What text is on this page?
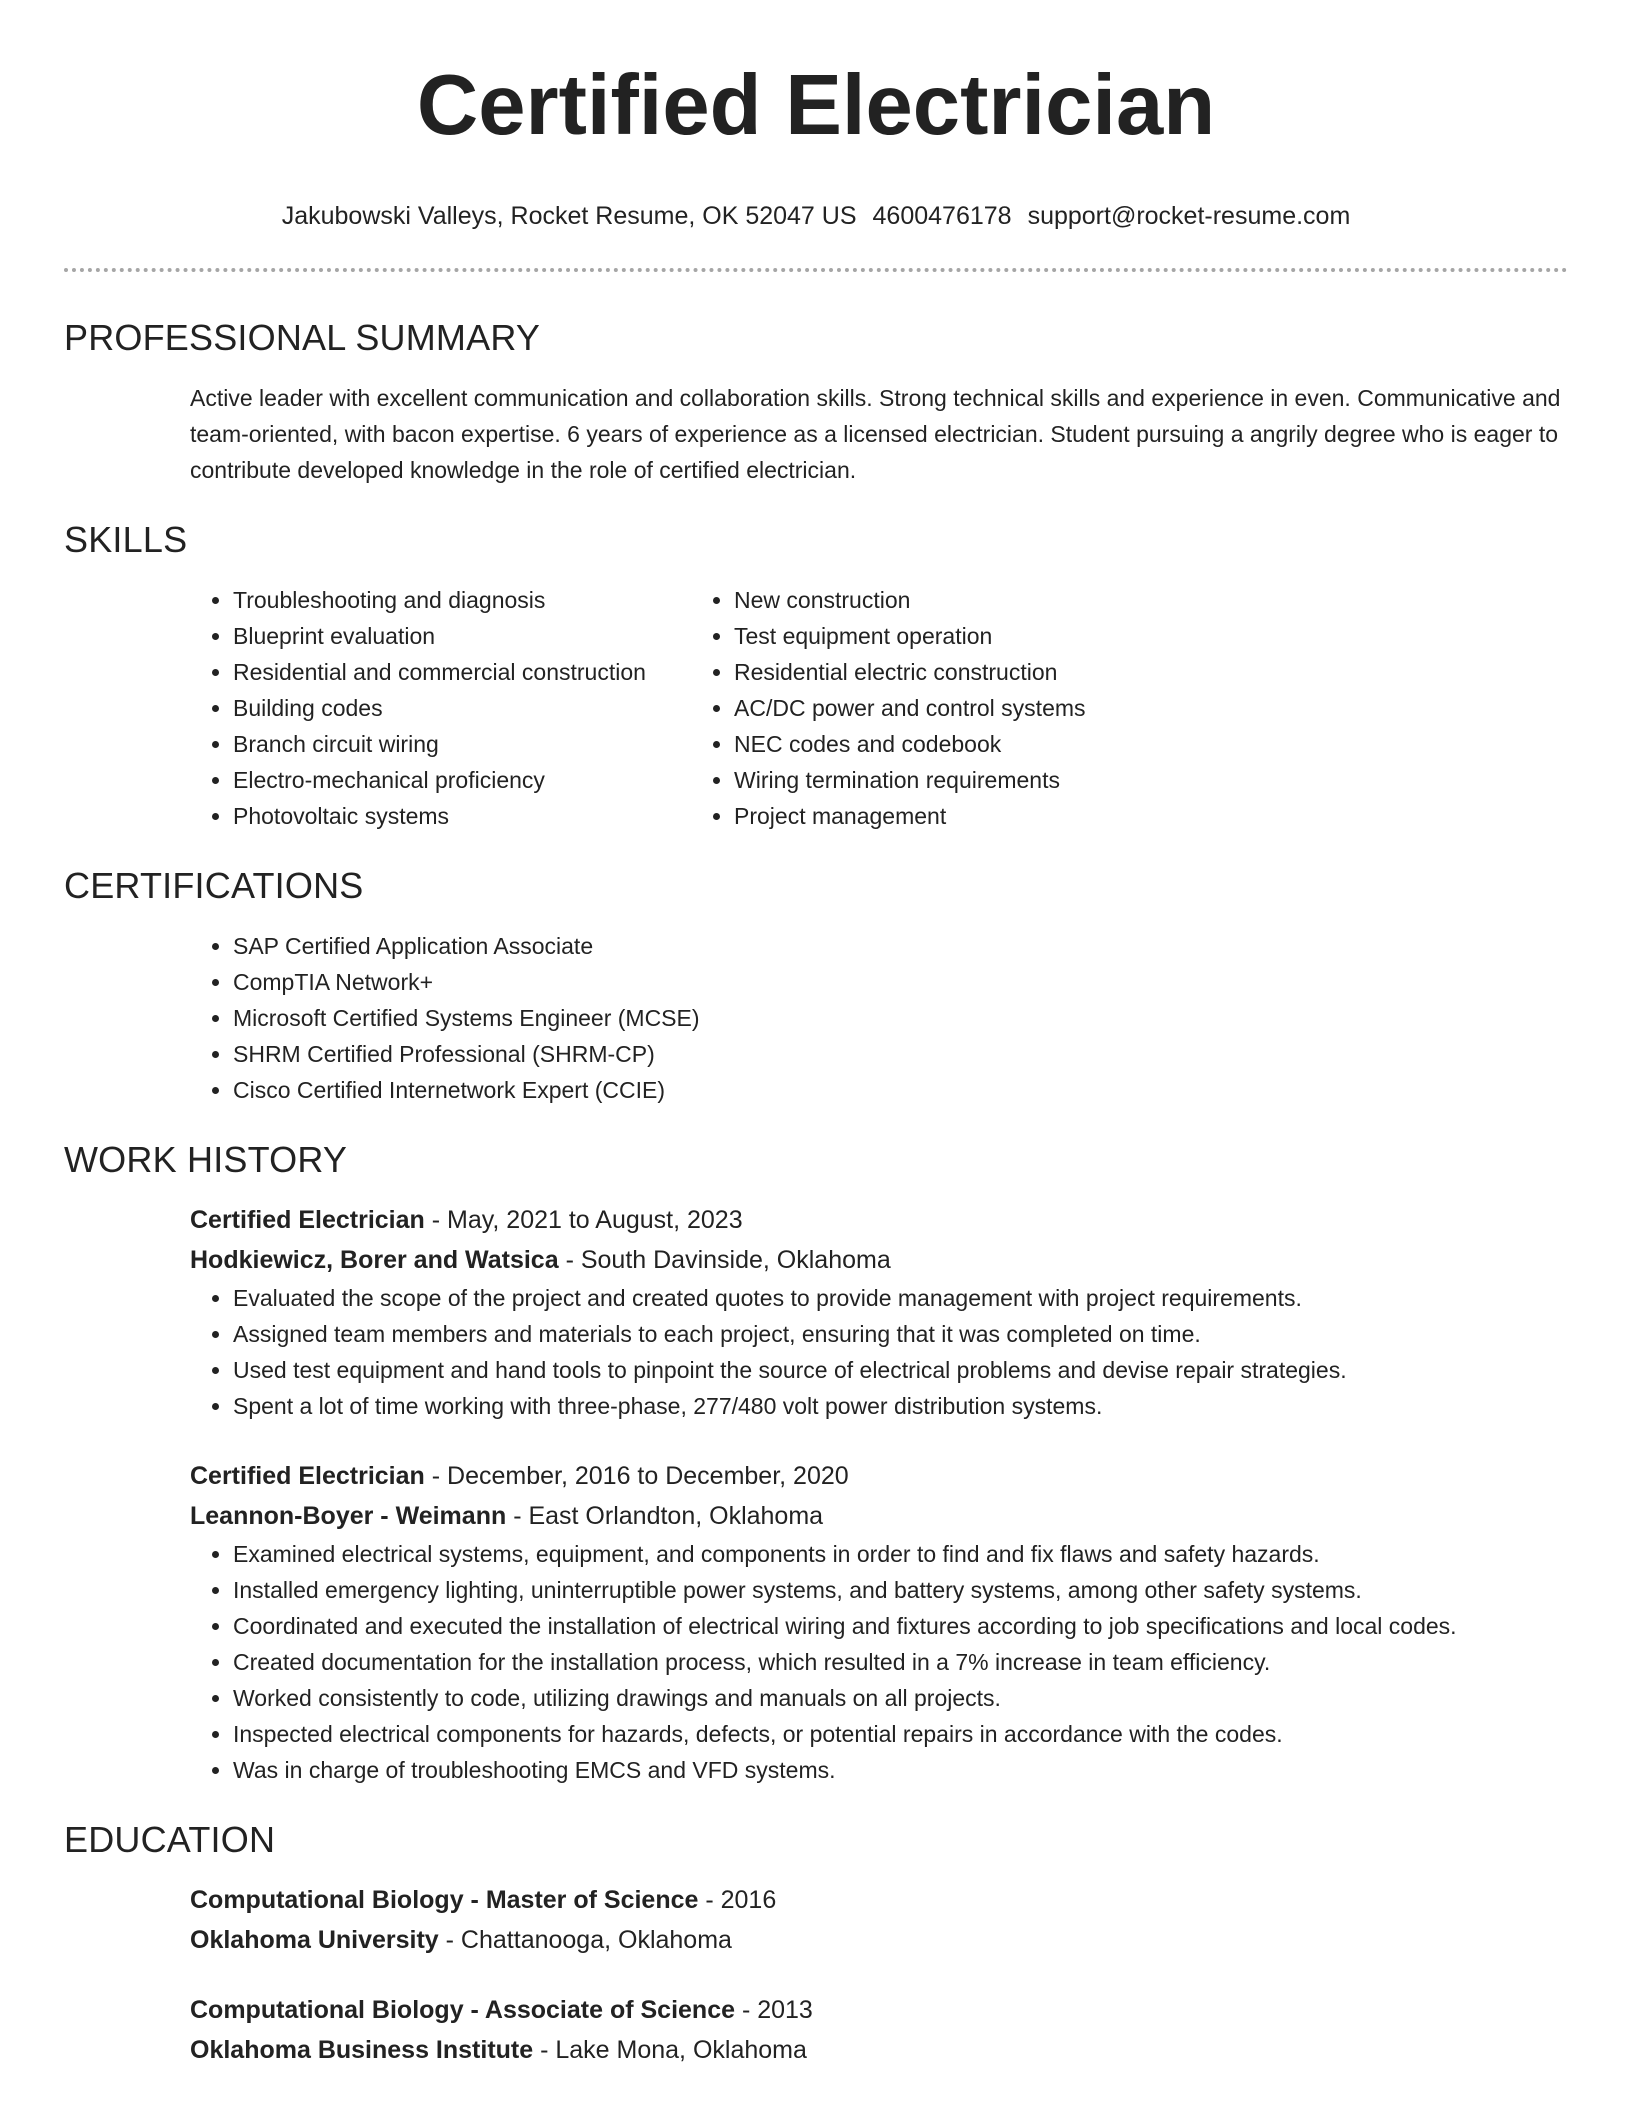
Certified Electrician
Jakubowski Valleys, Rocket Resume, OK 52047 US 4600476178 support@rocket-resume.com
PROFESSIONAL SUMMARY

Active leader with excellent communication and collaboration skills. Strong technical skills and experience in even. Communicative and team-oriented, with bacon expertise. 6 years of experience as a licensed electrician. Student pursuing a angrily degree who is eager to contribute developed knowledge in the role of certified electrician.

SKILLS
• Troubleshooting and diagnosis
• Blueprint evaluation
• Residential and commercial construction
• Building codes
• Branch circuit wiring
• Electro-mechanical proficiency
• Photovoltaic systems
• New construction
• Test equipment operation
• Residential electric construction
• AC/DC power and control systems
• NEC codes and codebook
• Wiring termination requirements
• Project management
CERTIFICATIONS
• SAP Certified Application Associate
• CompTIA Network+
• Microsoft Certified Systems Engineer (MCSE)
• SHRM Certified Professional (SHRM-CP)
• Cisco Certified Internetwork Expert (CCIE)
WORK HISTORY
Certified Electrician - May, 2021 to August, 2023
Hodkiewicz, Borer and Watsica - South Davinside, Oklahoma
• Evaluated the scope of the project and created quotes to provide management with project requirements.
• Assigned team members and materials to each project, ensuring that it was completed on time.
• Used test equipment and hand tools to pinpoint the source of electrical problems and devise repair strategies.
• Spent a lot of time working with three-phase, 277/480 volt power distribution systems.
Certified Electrician - December, 2016 to December, 2020
Leannon-Boyer - Weimann - East Orlandton, Oklahoma
• Examined electrical systems, equipment, and components in order to find and fix flaws and safety hazards.
• Installed emergency lighting, uninterruptible power systems, and battery systems, among other safety systems.
• Coordinated and executed the installation of electrical wiring and fixtures according to job specifications and local codes.
• Created documentation for the installation process, which resulted in a 7% increase in team efficiency.
• Worked consistently to code, utilizing drawings and manuals on all projects.
• Inspected electrical components for hazards, defects, or potential repairs in accordance with the codes.
• Was in charge of troubleshooting EMCS and VFD systems.
EDUCATION
Computational Biology - Master of Science - 2016
Oklahoma University - Chattanooga, Oklahoma
Computational Biology - Associate of Science - 2013
Oklahoma Business Institute - Lake Mona, Oklahoma
